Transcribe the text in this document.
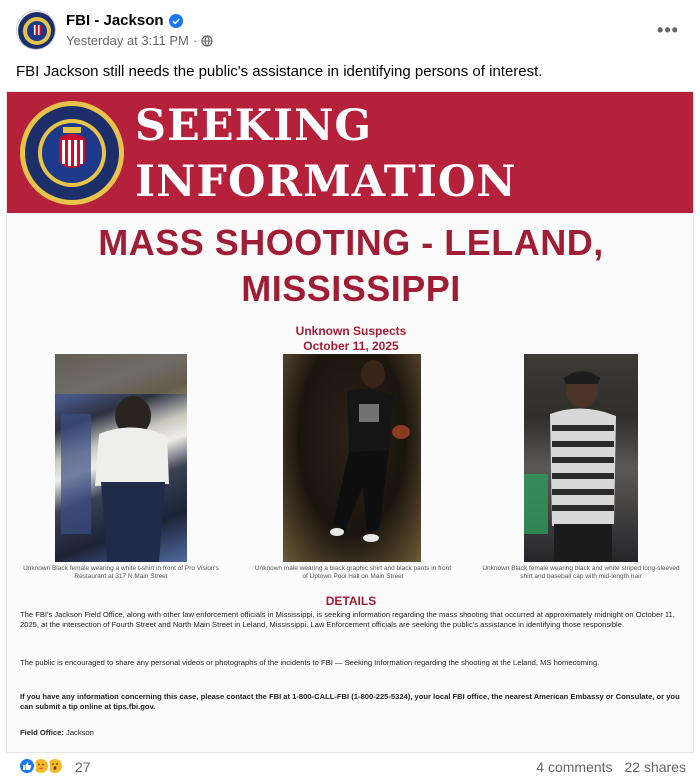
FBI - Jackson
Yesterday at 3:11 PM ·
•••
FBI Jackson still needs the public's assistance in identifying persons of interest.
SEEKING
INFORMATION
MASS SHOOTING - LELAND,
MISSISSIPPI
Unknown Suspects
October 11, 2025
Unknown Black female wearing a white t-shirt in front of Pro Vision's Restaurant at 317 N Main Street
Unknown male wearing a black graphic shirt and black pants in front of Uptown Pool Hall on Main Street
Unknown Black female wearing black and white striped long-sleeved shirt and baseball cap with mid-length hair
DETAILS
The FBI's Jackson Field Office, along with other law enforcement officials in Mississippi, is seeking information regarding the mass shooting that occurred at approximately midnight on October 11, 2025, at the intersection of Fourth Street and North Main Street in Leland, Mississippi. Law Enforcement officials are seeking the public's assistance in identifying those responsible.
The public is encouraged to share any personal videos or photographs of the incidents to FBI — Seeking Information regarding the shooting at the Leland, MS homecoming.
If you have any information concerning this case, please contact the FBI at 1-800-CALL-FBI (1-800-225-5324), your local FBI office, the nearest American Embassy or Consulate, or you can submit a tip online at tips.fbi.gov.
Field Office: Jackson
27	4 comments 22 shares
